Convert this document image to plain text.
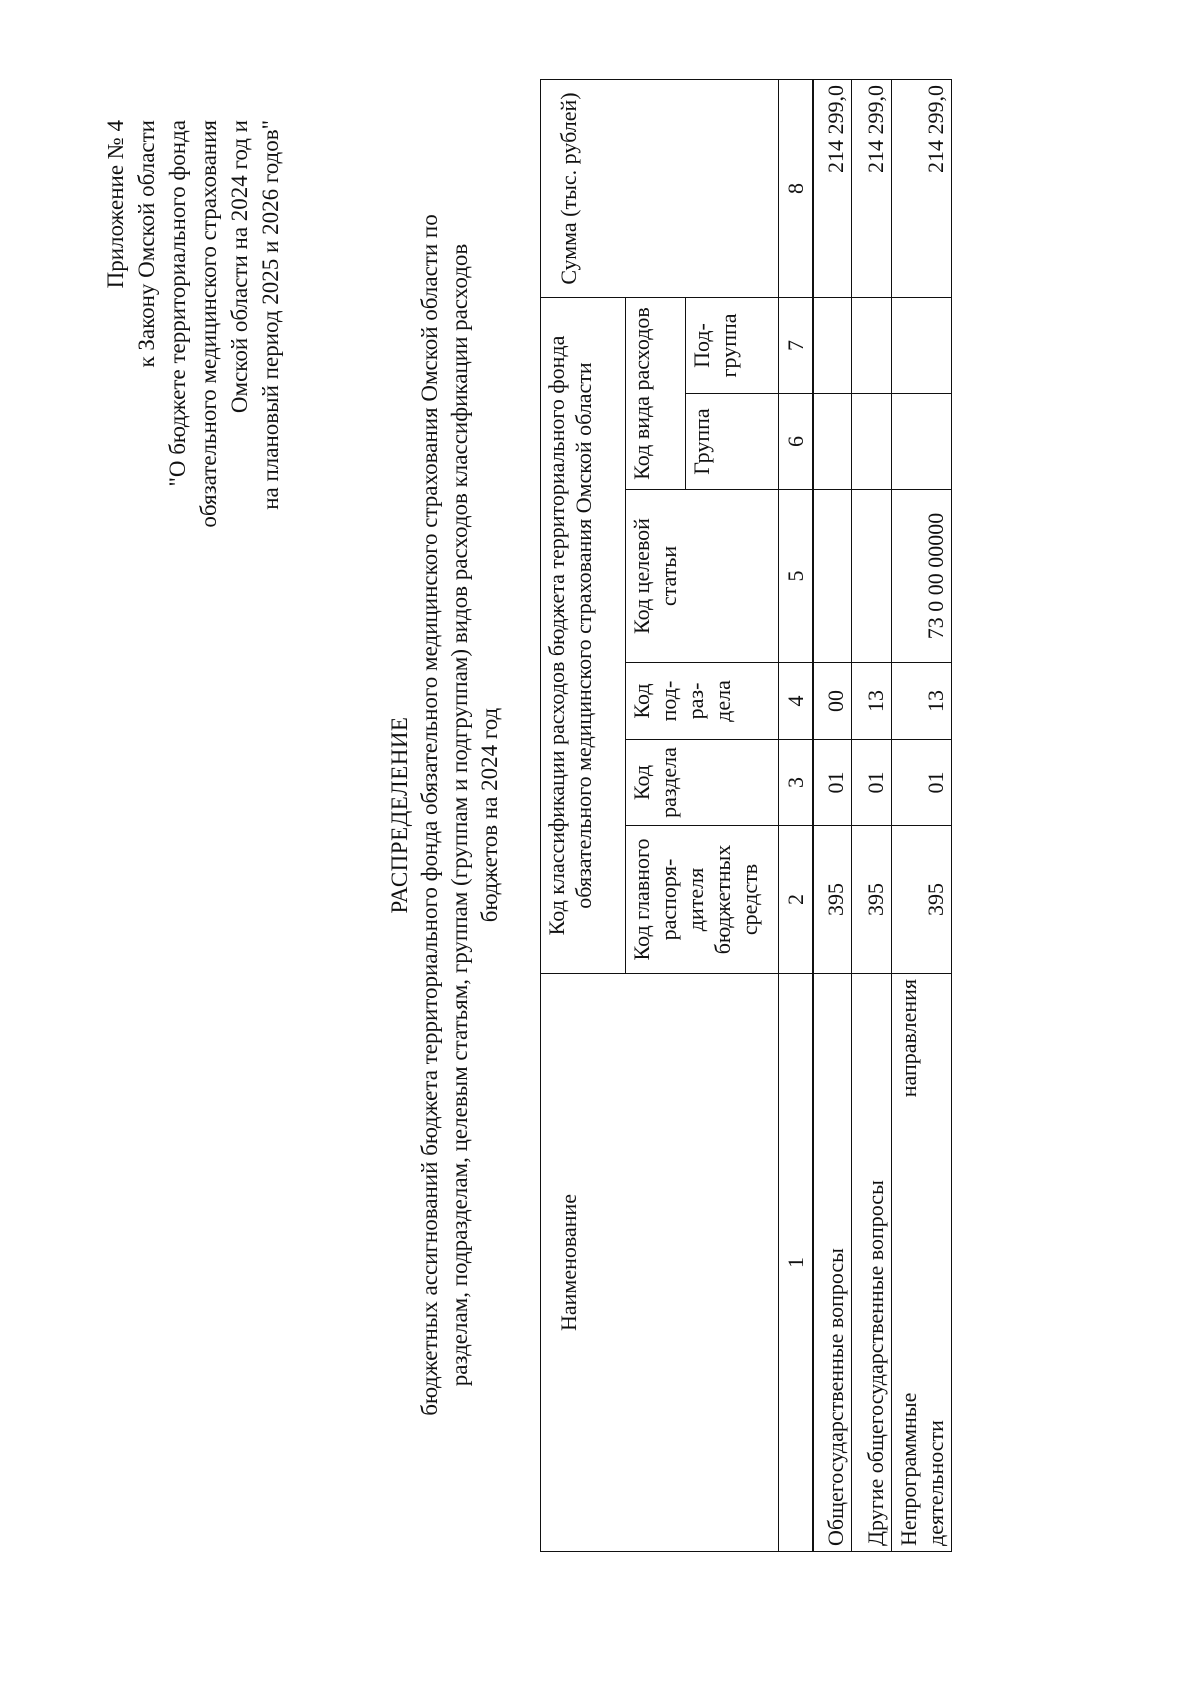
Приложение № 4 к Закону Омской области "О бюджете территориального фонда обязательного медицинского страхования Омской области на 2024 год и на плановый период 2025 и 2026 годов"
РАСПРЕДЕЛЕНИЕ бюджетных ассигнований бюджета территориального фонда обязательного медицинского страхования Омской области по разделам, подразделам, целевым статьям, группам (группам и подгруппам) видов расходов классификации расходов бюджетов на 2024 год
Наименование	Код классификации расходов бюджета территориального фонда обязательного медицинского страхования Омской области						Сумма (тыс. рублей)
	Код главного распоря-дителя бюджетных средств	Код раздела	Код под-раз-дела	Код целевой статьи	Код вида расходов		
					Группа	Под-группа	
1	2	3	4	5	6	7	8
Общегосударственные вопросы	395	01	00				214 299,0
Другие общегосударственные вопросы	395	01	13				214 299,0

Непрограммные
направления
деятельности	395	01	13	73 0 00 00000			214 299,0
